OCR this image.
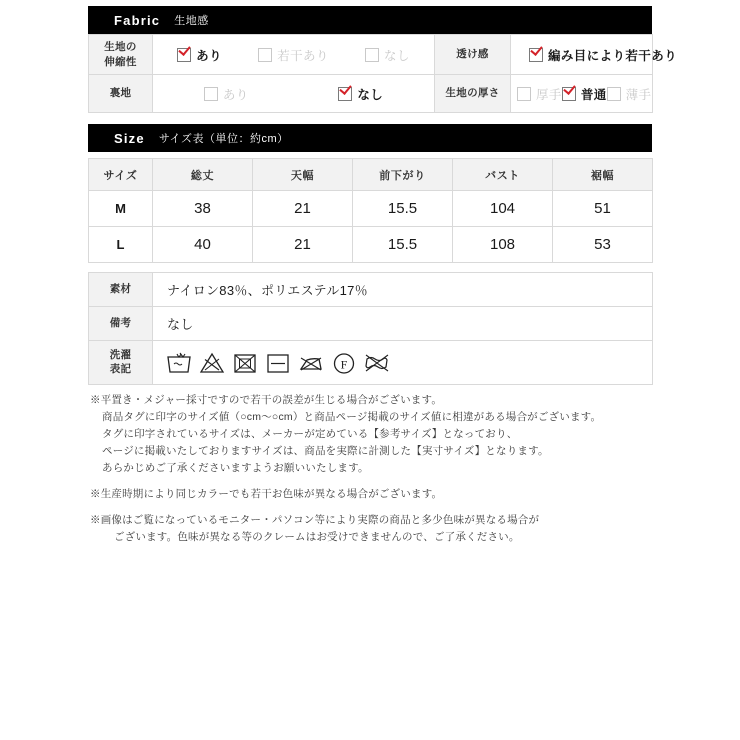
Fabric 生地感
生地の
伸縮性	あり 若干あり なし	透け感	編み目により若干あり

裏地	あり なし	生地の厚さ	厚手 普通 薄手
Size サイズ表（単位：約cm）
サイズ	総丈	天幅	前下がり	バスト	裾幅
M	38	21	15.5	104	51
L	40	21	15.5	108	53
素材	ナイロン83％、ポリエステル17％
備考	なし
洗濯
表記	F

※平置き・メジャー採寸ですので若干の誤差が生じる場合がございます。

商品タグに印字のサイズ値（○cm～○cm）と商品ページ掲載のサイズ値に相違がある場合がございます。

タグに印字されているサイズは、メーカーが定めている【参考サイズ】となっており、

ページに掲載いたしておりますサイズは、商品を実際に計測した【実寸サイズ】となります。

あらかじめご了承くださいますようお願いいたします。

※生産時期により同じカラーでも若干お色味が異なる場合がございます。

※画像はご覧になっているモニター・パソコン等により実際の商品と多少色味が異なる場合が

ございます。色味が異なる等のクレームはお受けできませんので、ご了承ください。
